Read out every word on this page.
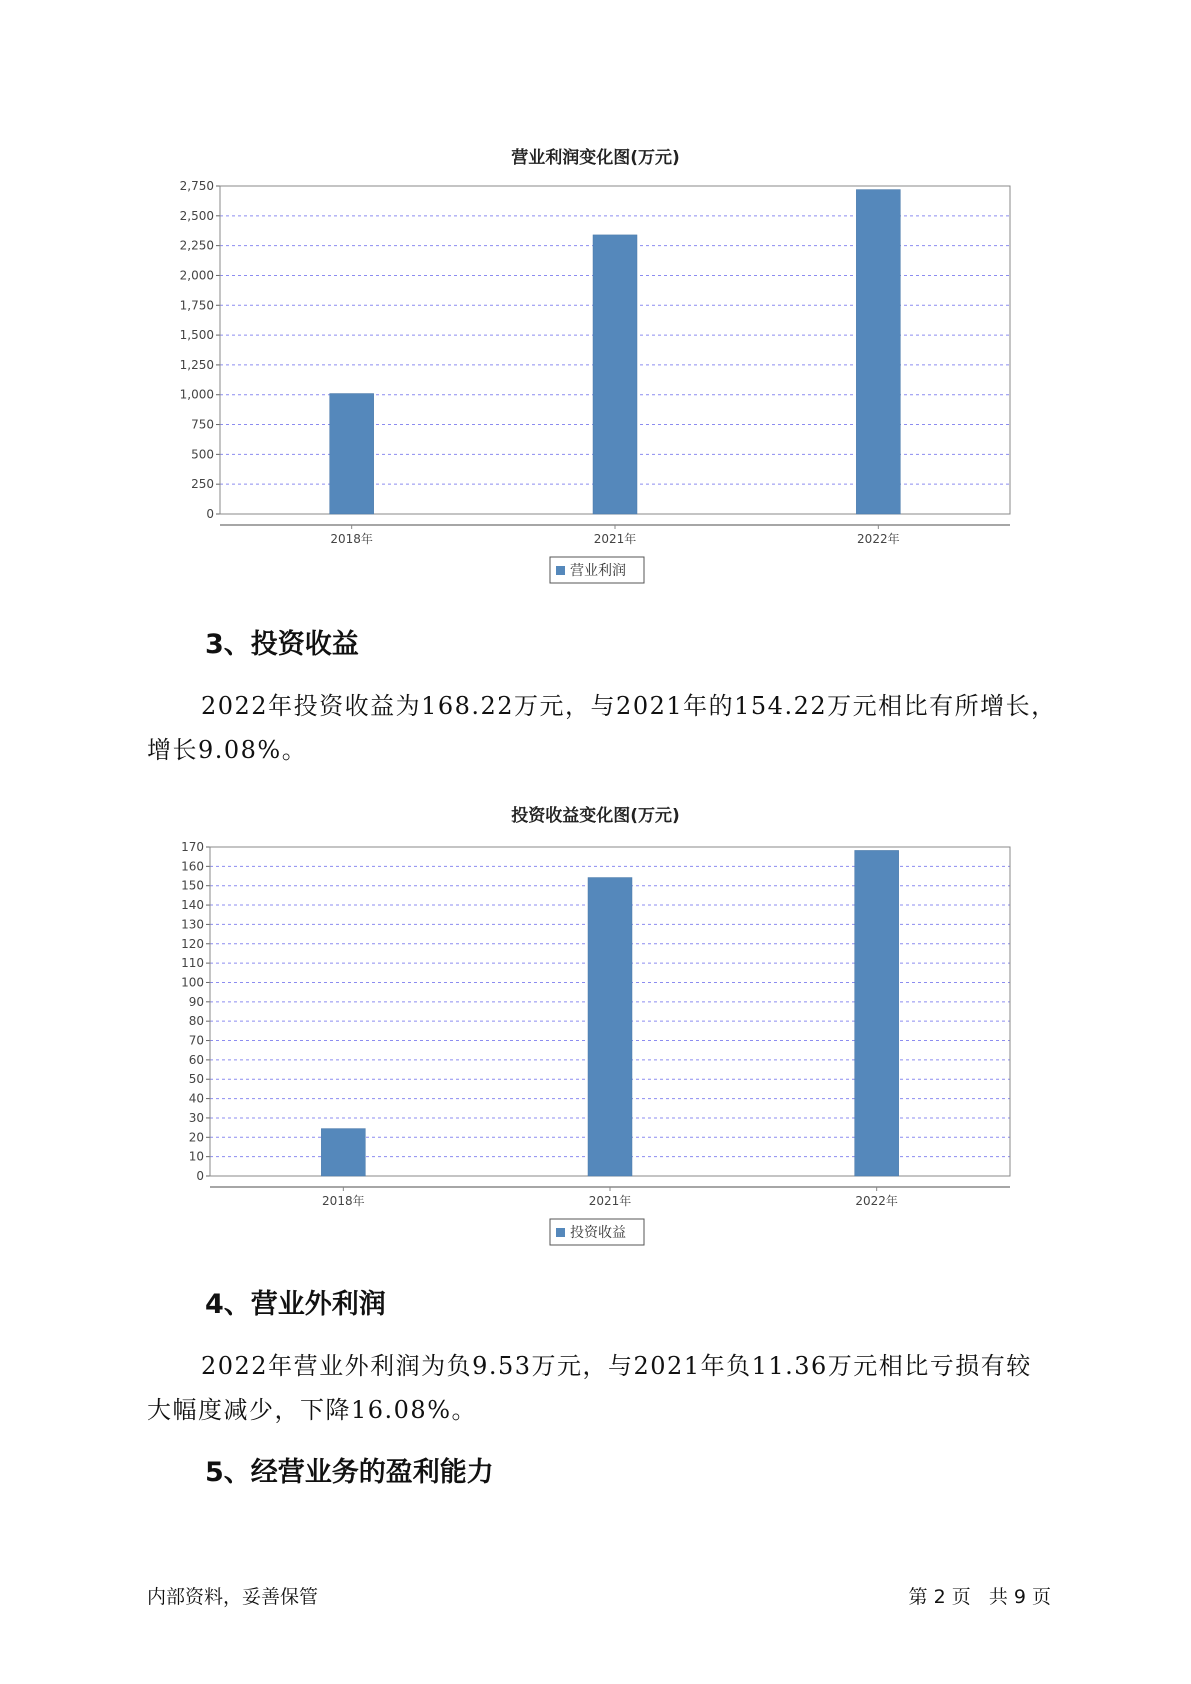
营业利润变化图(万元)
0
250
500
750
1,000
1,250
1,500
1,750
2,000
2,250
2,500
2,750
2018年	2021年	2022年
营业利润
3、投资收益
2022年投资收益为168.22万元，与2021年的154.22万元相比有所增长，
增长9.08%。
投资收益变化图(万元)
0
10
20
30
40
50
60
70
80
90
100
110
120
130
140
150
160
170
2018年	2021年	2022年
投资收益
4、营业外利润
2022年营业外利润为负9.53万元，与2021年负11.36万元相比亏损有较
大幅度减少，下降16.08%。
5、经营业务的盈利能力
内部资料，妥善保管	第 2 页   共 9 页
